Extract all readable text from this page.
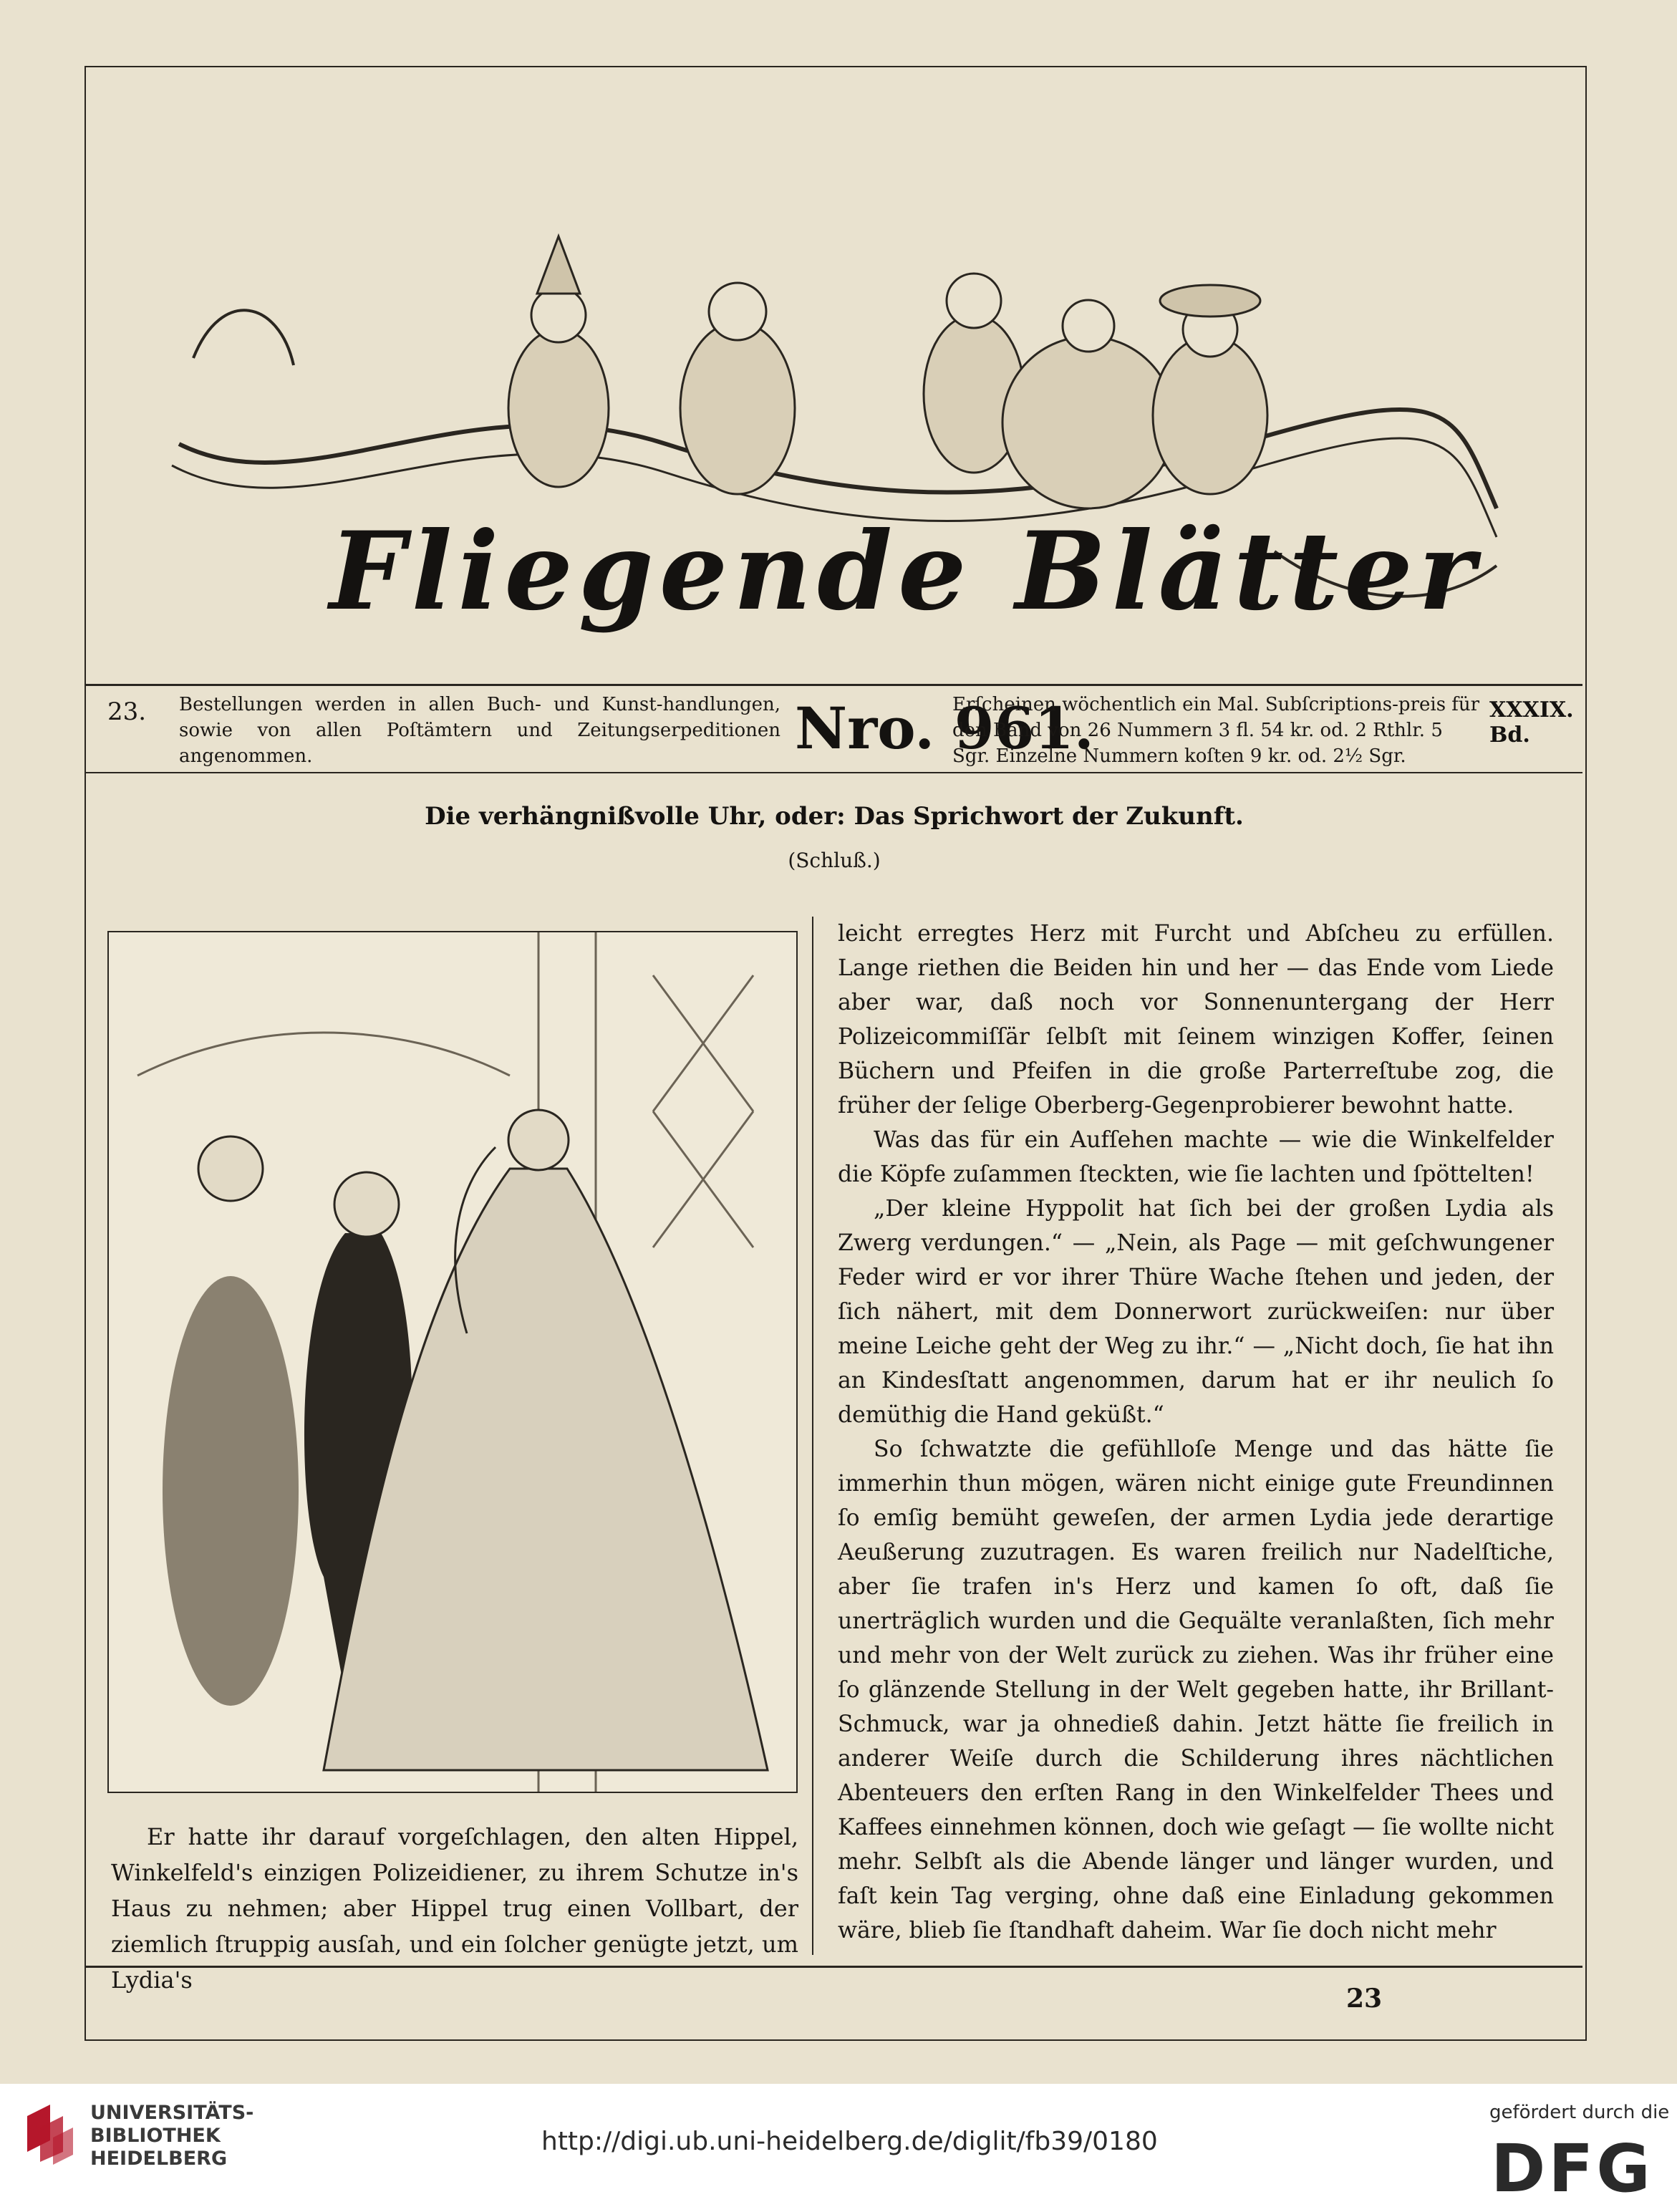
Fliegende Blätter
23. Bestellungen werden in allen Buch- und Kunst-handlungen, sowie von allen Poſtämtern und Zeitungserpeditionen angenommen.	Nro. 961.
Erſcheinen wöchentlich ein Mal. Subſcriptions-preis für den Band von 26 Nummern 3 fl. 54 kr. od. 2 Rthlr. 5 Sgr. Einzelne Nummern koſten 9 kr. od. 2½ Sgr.
XXXIX. Bd.
Die verhängnißvolle Uhr, oder: Das Sprichwort der Zukunft.
(Schluß.)
Er hatte ihr darauf vorgeſchlagen, den alten Hippel, Winkelfeld's einzigen Polizeidiener, zu ihrem Schutze in's Haus zu nehmen; aber Hippel trug einen Vollbart, der ziemlich ſtruppig ausſah, und ein ſolcher genügte jetzt, um Lydia's

leicht erregtes Herz mit Furcht und Abſcheu zu erfüllen. Lange riethen die Beiden hin und her — das Ende vom Liede aber war, daß noch vor Sonnenuntergang der Herr Polizeicommiſſär ſelbſt mit ſeinem winzigen Koffer, ſeinen Büchern und Pfeifen in die große Parterreſtube zog, die früher der ſelige Oberberg-Gegenprobierer bewohnt hatte.

Was das für ein Aufſehen machte — wie die Winkelfelder die Köpfe zuſammen ſteckten, wie ſie lachten und ſpöttelten!

„Der kleine Hyppolit hat ſich bei der großen Lydia als Zwerg verdungen.“ — „Nein, als Page — mit geſchwungener Feder wird er vor ihrer Thüre Wache ſtehen und jeden, der ſich nähert, mit dem Donnerwort zurückweiſen: nur über meine Leiche geht der Weg zu ihr.“ — „Nicht doch, ſie hat ihn an Kindesſtatt angenommen, darum hat er ihr neulich ſo demüthig die Hand geküßt.“

So ſchwatzte die gefühlloſe Menge und das hätte ſie immerhin thun mögen, wären nicht einige gute Freundinnen ſo emſig bemüht geweſen, der armen Lydia jede derartige Aeußerung zuzutragen. Es waren freilich nur Nadelſtiche, aber ſie trafen in's Herz und kamen ſo oft, daß ſie unerträglich wurden und die Gequälte veranlaßten, ſich mehr und mehr von der Welt zurück zu ziehen. Was ihr früher eine ſo glänzende Stellung in der Welt gegeben hatte, ihr Brillant-Schmuck, war ja ohnedieß dahin. Jetzt hätte ſie freilich in anderer Weiſe durch die Schilderung ihres nächtlichen Abenteuers den erſten Rang in den Winkelfelder Thees und Kaffees einnehmen können, doch wie geſagt — ſie wollte nicht mehr. Selbſt als die Abende länger und länger wurden, und faſt kein Tag verging, ohne daß eine Einladung gekommen wäre, blieb ſie ſtandhaft daheim. War ſie doch nicht mehr

23
UNIVERSITÄTS-
BIBLIOTHEK
HEIDELBERG
http://digi.ub.uni-heidelberg.de/diglit/fb39/0180
gefördert durch die
DFG
